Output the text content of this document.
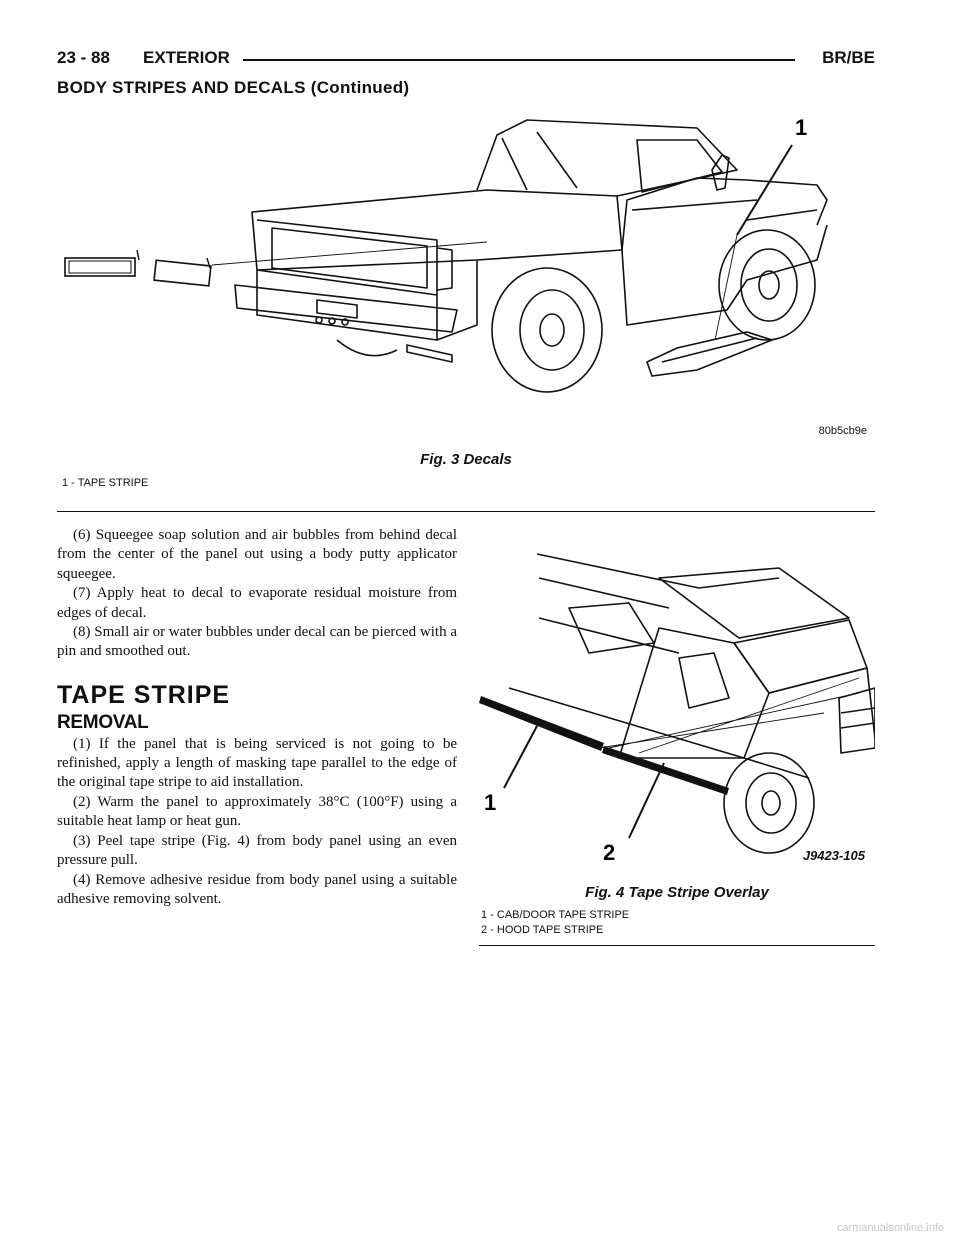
23 - 88 EXTERIOR	BR/BE
BODY STRIPES AND DECALS (Continued)
1
80b5cb9e
Fig. 3 Decals
1 - TAPE STRIPE

(6) Squeegee soap solution and air bubbles from behind decal from the center of the panel out using a body putty applicator squeegee.

(7) Apply heat to decal to evaporate residual moisture from edges of decal.

(8) Small air or water bubbles under decal can be pierced with a pin and smoothed out.

TAPE STRIPE
REMOVAL

(1) If the panel that is being serviced is not going to be refinished, apply a length of masking tape parallel to the edge of the original tape stripe to aid installation.

(2) Warm the panel to approximately 38°C (100°F) using a suitable heat lamp or heat gun.

(3) Peel tape stripe (Fig. 4) from body panel using an even pressure pull.

(4) Remove adhesive residue from body panel using a suitable adhesive removing solvent.

1
2	J9423-105
Fig. 4 Tape Stripe Overlay
1 - CAB/DOOR TAPE STRIPE
2 - HOOD TAPE STRIPE
carmanualsonline.info
